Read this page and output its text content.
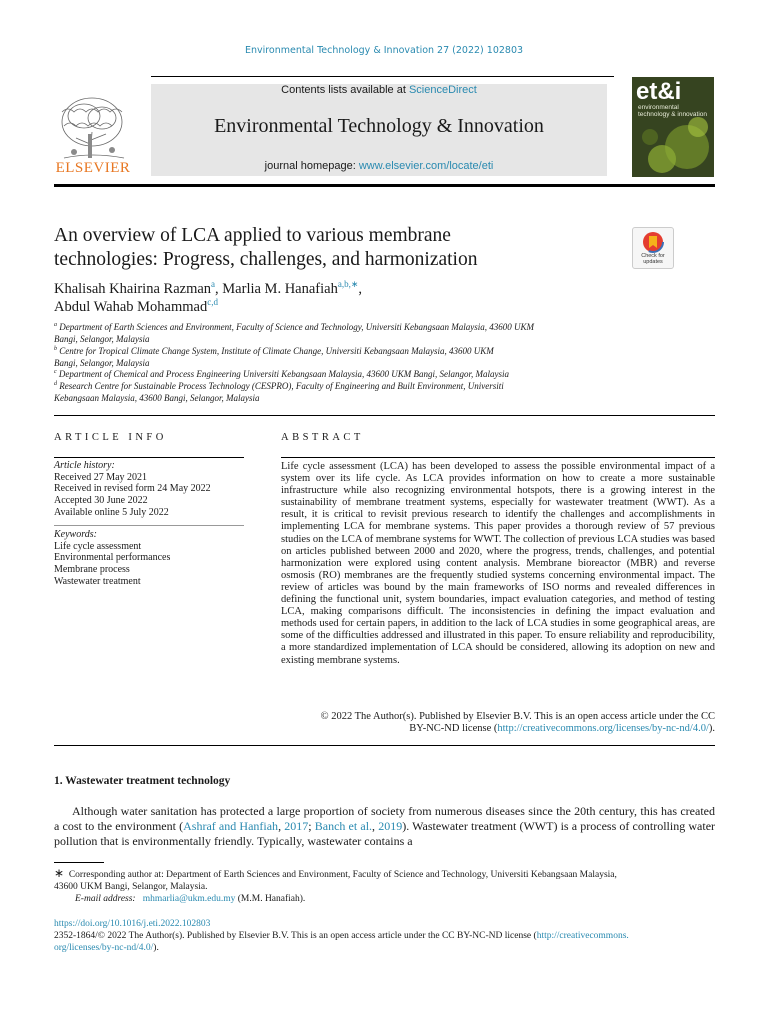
Environmental Technology & Innovation 27 (2022) 102803
ELSEVIER
Contents lists available at ScienceDirect
Environmental Technology & Innovation
journal homepage: www.elsevier.com/locate/eti
et&i
environmental technology & innovation
An overview of LCA applied to various membrane
technologies: Progress, challenges, and harmonization	Check for
updates
Khalisah Khairina Razman$^a$, Marlia M. Hanafiah$^{a,b,∗}$,
Abdul Wahab Mohammad$^{c,d}$
$^a$ Department of Earth Sciences and Environment, Faculty of Science and Technology, Universiti Kebangsaan Malaysia, 43600 UKM
Bangi, Selangor, Malaysia
$^b$ Centre for Tropical Climate Change System, Institute of Climate Change, Universiti Kebangsaan Malaysia, 43600 UKM
Bangi, Selangor, Malaysia
$^c$ Department of Chemical and Process Engineering Universiti Kebangsaan Malaysia, 43600 UKM Bangi, Selangor, Malaysia
$^d$ Research Centre for Sustainable Process Technology (CESPRO), Faculty of Engineering and Built Environment, Universiti
Kebangsaan Malaysia, 43600 Bangi, Selangor, Malaysia
ARTICLE INFO
Article history:
Received 27 May 2021
Received in revised form 24 May 2022
Accepted 30 June 2022
Available online 5 July 2022
Keywords:
Life cycle assessment
Environmental performances
Membrane process
Wastewater treatment
ABSTRACT
Life cycle assessment (LCA) has been developed to assess the possible environmental impact of a system over its life cycle. As LCA provides information on how to create a more sustainable infrastructure while also recognizing environmental hotspots, there is a growing interest in the sustainability of membrane treatment systems, especially for wastewater treatment (WWT). As a result, it is critical to revisit previous research to identify the challenges and accomplishments in implementing LCA for membrane systems. This paper provides a thorough review of 57 previous studies on the LCA of membrane systems for WWT. The collection of previous LCA studies was based on articles published between 2000 and 2020, where the progress, trends, challenges, and potential harmonization were explored using content analysis. Membrane bioreactor (MBR) and reverse osmosis (RO) membranes are the frequently studied systems concerning environmental impact. The review of articles was bound by the main frameworks of ISO norms and revealed differences in defining the functional unit, system boundaries, impact evaluation categories, and method of testing LCA, making comparisons difficult. The inconsistencies in defining the impact evaluation and methods used for certain papers, in addition to the lack of LCA studies in some geographical areas, are some of the difficulties addressed and illustrated in this paper. To ensure reliability and reproducibility, a more standardized implementation of LCA should be considered, allowing its adoption on new and existing membrane systems.
© 2022 The Author(s). Published by Elsevier B.V. This is an open access article under the CC
BY-NC-ND license (http://creativecommons.org/licenses/by-nc-nd/4.0/).
1. Wastewater treatment technology
Although water sanitation has protected a large proportion of society from numerous diseases since the 20th century, this has created a cost to the environment (Ashraf and Hanfiah, 2017; Banch et al., 2019). Wastewater treatment (WWT) is a process of controlling water pollution that is environmentally friendly. Typically, wastewater contains a
∗ Corresponding author at: Department of Earth Sciences and Environment, Faculty of Science and Technology, Universiti Kebangsaan Malaysia,
43600 UKM Bangi, Selangor, Malaysia.
E-mail address: mhmarlia@ukm.edu.my (M.M. Hanafiah).
https://doi.org/10.1016/j.eti.2022.102803
2352-1864/© 2022 The Author(s). Published by Elsevier B.V. This is an open access article under the CC BY-NC-ND license (http://creativecommons.
org/licenses/by-nc-nd/4.0/).
